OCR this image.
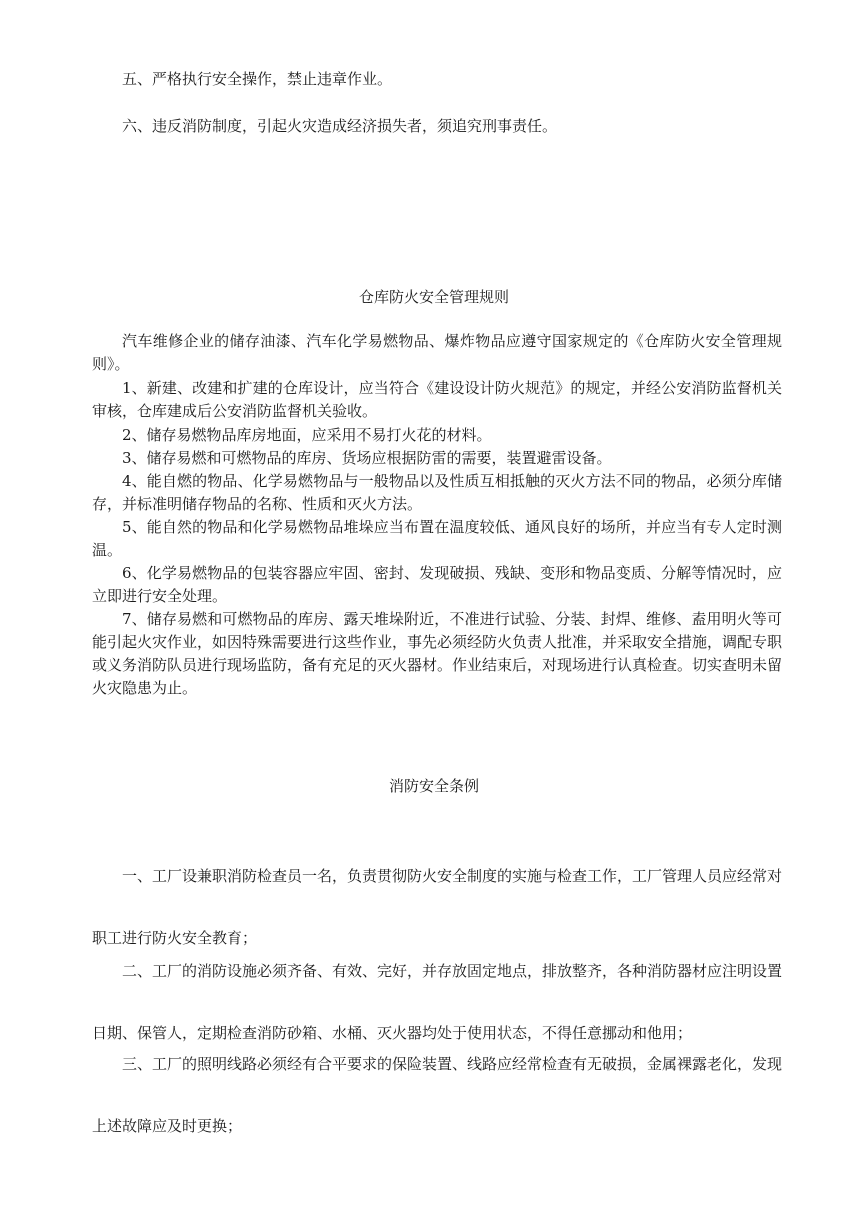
五、严格执行安全操作，禁止违章作业。

六、违反消防制度，引起火灾造成经济损失者，须追究刑事责任。

仓库防火安全管理规则

汽车维修企业的储存油漆、汽车化学易燃物品、爆炸物品应遵守国家规定的《仓库防火安全管理规则》。

1、新建、改建和扩建的仓库设计，应当符合《建设设计防火规范》的规定，并经公安消防监督机关审核，仓库建成后公安消防监督机关验收。

2、储存易燃物品库房地面，应采用不易打火花的材料。

3、储存易燃和可燃物品的库房、货场应根据防雷的需要，装置避雷设备。

4、能自燃的物品、化学易燃物品与一般物品以及性质互相抵触的灭火方法不同的物品，必须分库储存，并标准明储存物品的名称、性质和灭火方法。

5、能自然的物品和化学易燃物品堆垛应当布置在温度较低、通风良好的场所，并应当有专人定时测温。

6、化学易燃物品的包装容器应牢固、密封、发现破损、残缺、变形和物品变质、分解等情况时，应立即进行安全处理。

7、储存易燃和可燃物品的库房、露天堆垛附近，不准进行试验、分装、封焊、维修、盍用明火等可能引起火灾作业，如因特殊需要进行这些作业，事先必须经防火负责人批准，并采取安全措施，调配专职或义务消防队员进行现场监防，备有充足的灭火器材。作业结束后，对现场进行认真检查。切实查明未留火灾隐患为止。

消防安全条例

一、工厂设兼职消防检查员一名，负责贯彻防火安全制度的实施与检查工作，工厂管理人员应经常对职工进行防火安全教育；

二、工厂的消防设施必须齐备、有效、完好，并存放固定地点，排放整齐，各种消防器材应注明设置日期、保管人，定期检查消防砂箱、水桶、灭火器均处于使用状态，不得任意挪动和他用；

三、工厂的照明线路必须经有合平要求的保险装置、线路应经常检查有无破损，金属裸露老化，发现上述故障应及时更换；
